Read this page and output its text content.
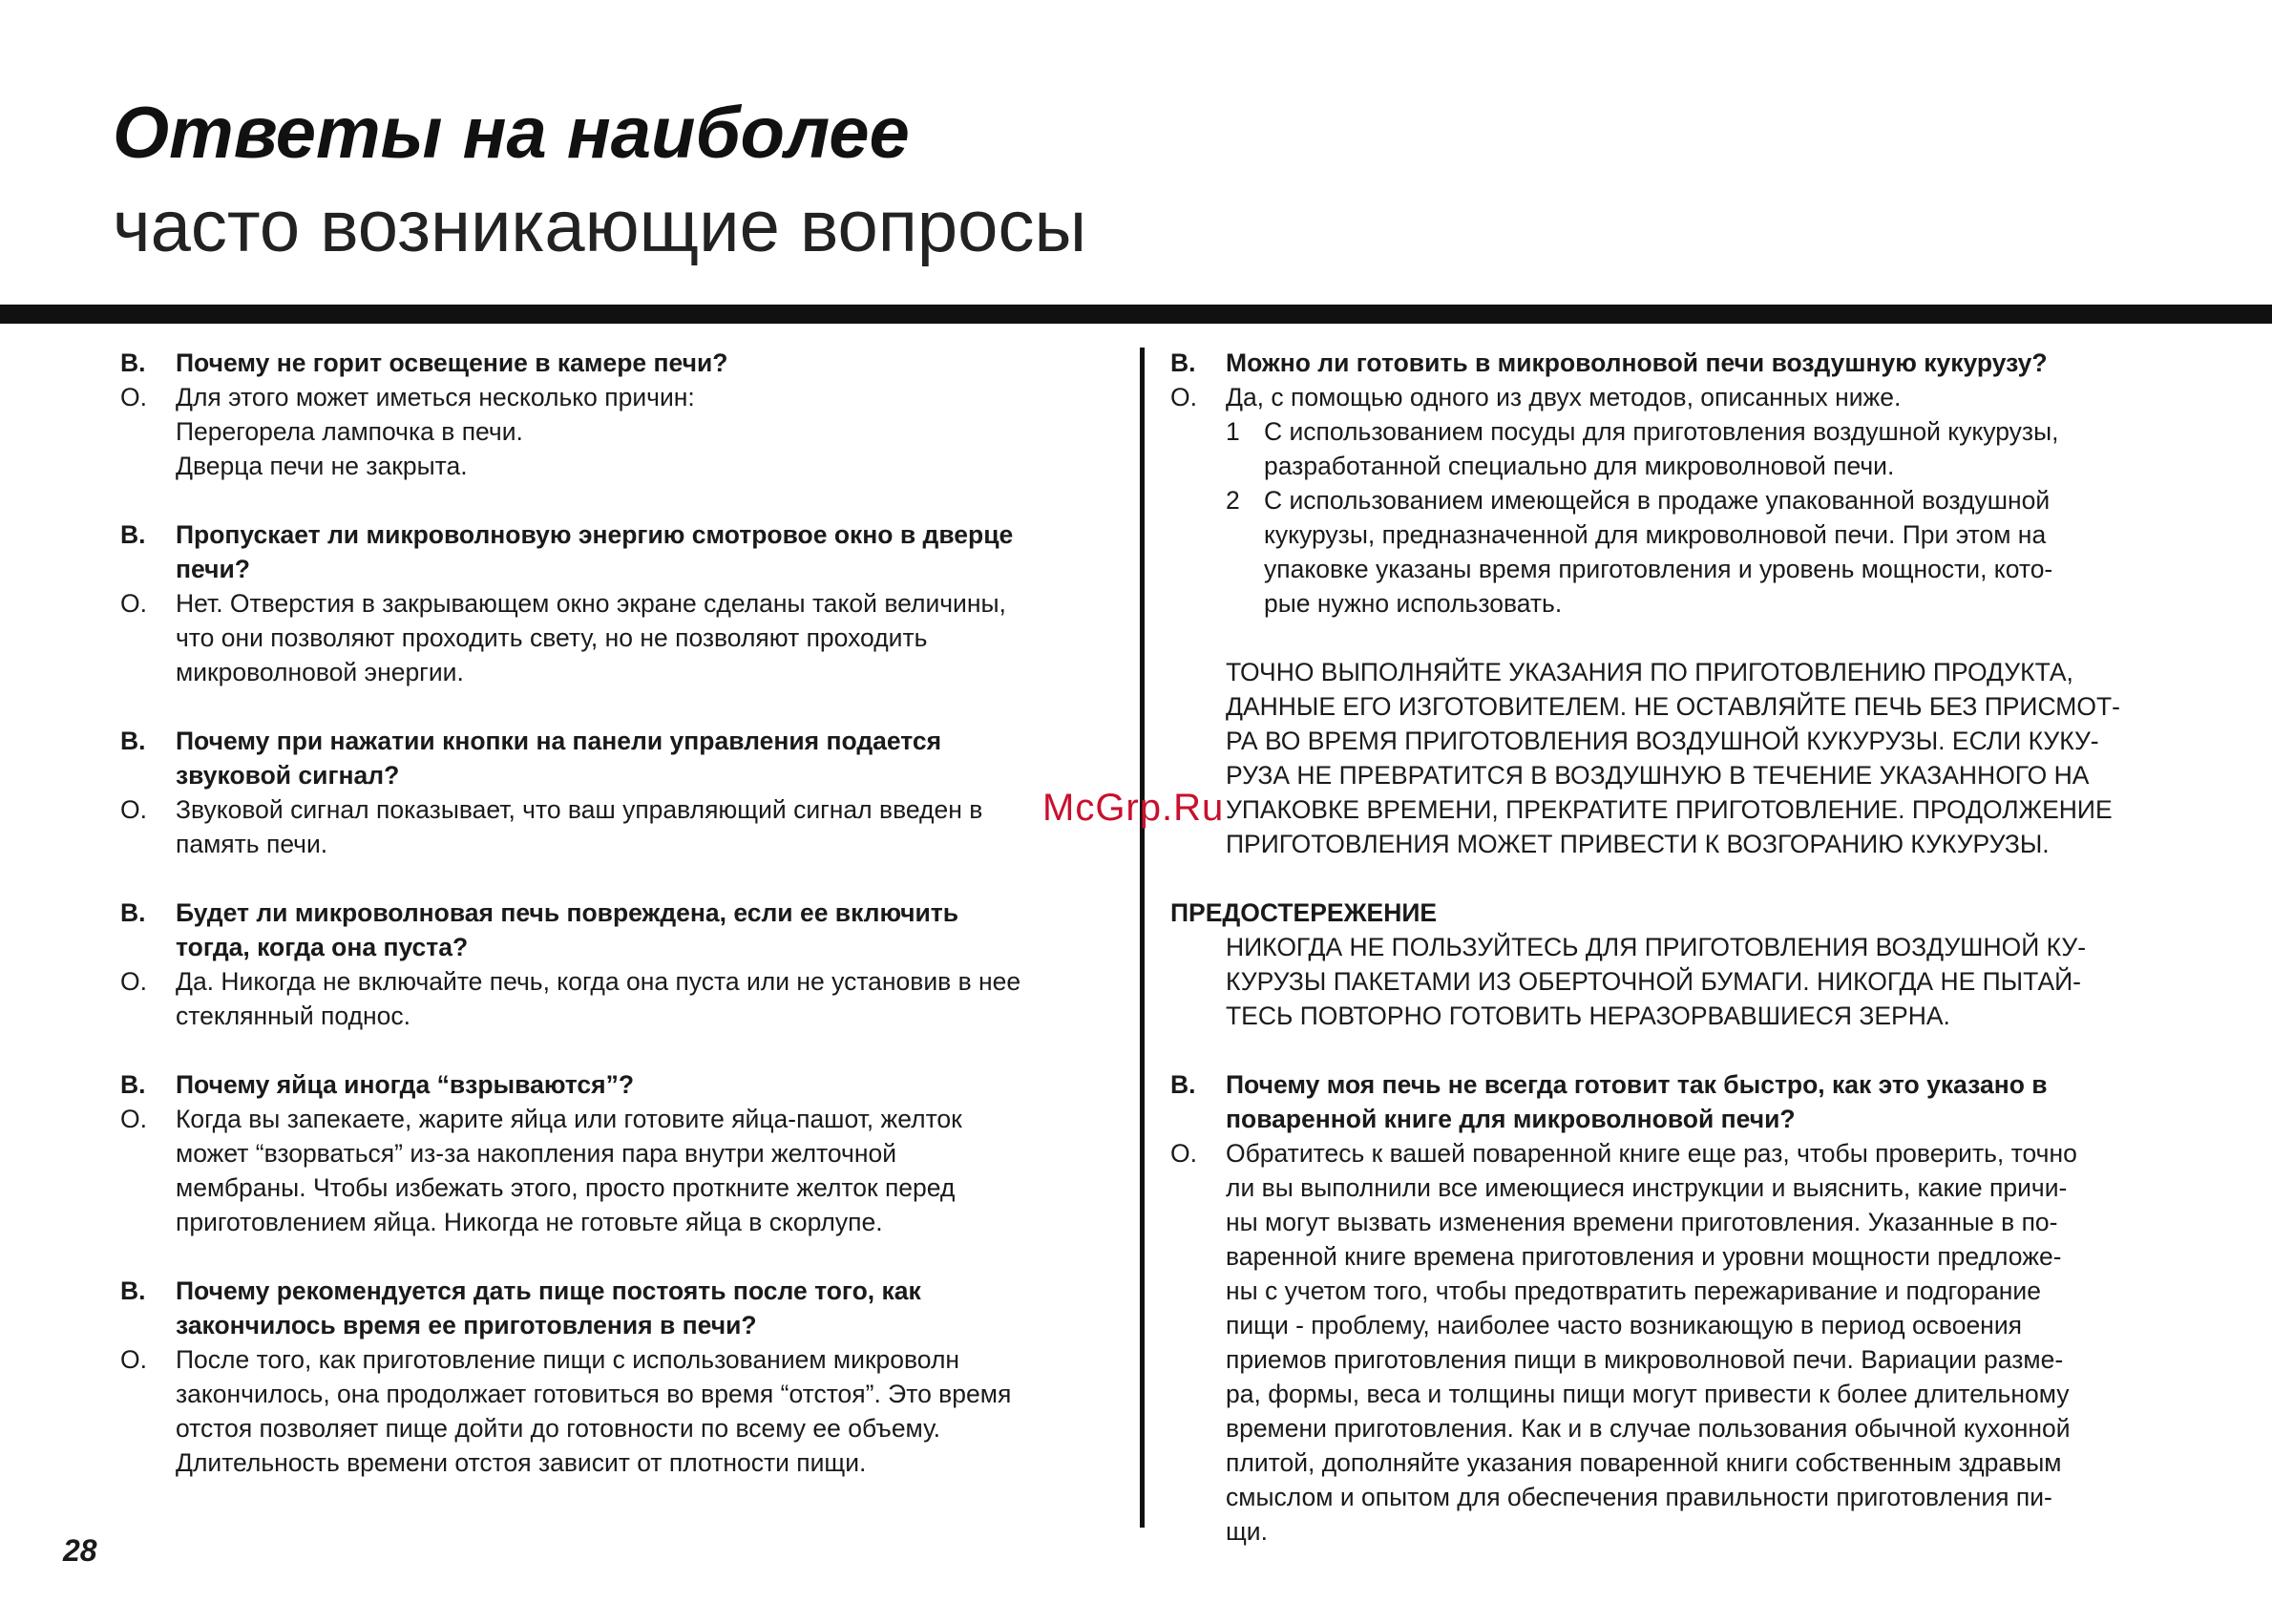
Ответы на наиболее
часто возникающие вопросы
В.	Почему не горит освещение в камере печи?
О.	Для этого может иметься несколько причин:
Перегорела лампочка в печи.
Дверца печи не закрыта.
В.	Пропускает ли микроволновую энергию смотровое окно в дверце
печи?
О.	Нет. Отверстия в закрывающем окно экране сделаны такой величины,
что они позволяют проходить свету, но не позволяют проходить
микроволновой энергии.
В.	Почему при нажатии кнопки на панели управления подается
звуковой сигнал?
О.	Звуковой сигнал показывает, что ваш управляющий сигнал введен в
память печи.
В.	Будет ли микроволновая печь повреждена, если ее включить
тогда, когда она пуста?
О.	Да. Никогда не включайте печь, когда она пуста или не установив в нее
стеклянный поднос.
В.	Почему яйца иногда “взрываются”?
О.	Когда вы запекаете, жарите яйца или готовите яйца-пашот, желток
может “взорваться” из-за накопления пара внутри желточной
мембраны. Чтобы избежать этого, просто проткните желток перед
приготовлением яйца. Никогда не готовьте яйца в скорлупе.
В.	Почему рекомендуется дать пище постоять после того, как
закончилось время ее приготовления в печи?
О.	После того, как приготовление пищи с использованием микроволн
закончилось, она продолжает готовиться во время “отстоя”. Это время
отстоя позволяет пище дойти до готовности по всему ее объему.
Длительность времени отстоя зависит от плотности пищи.
В.	Можно ли готовить в микроволновой печи воздушную кукурузу?
О.	Да, с помощью одного из двух методов, описанных ниже.
1 С использованием посуды для приготовления воздушной кукурузы,
разработанной специально для микроволновой печи.
2 С использованием имеющейся в продаже упакованной воздушной
кукурузы, предназначенной для микроволновой печи. При этом на
упаковке указаны время приготовления и уровень мощности, кото-
рые нужно использовать.
ТОЧНО ВЫПОЛНЯЙТЕ УКАЗАНИЯ ПО ПРИГОТОВЛЕНИЮ ПРОДУКТА,
ДАННЫЕ ЕГО ИЗГОТОВИТЕЛЕМ. НЕ ОСТАВЛЯЙТЕ ПЕЧЬ БЕЗ ПРИСМОТ-
РА ВО ВРЕМЯ ПРИГОТОВЛЕНИЯ ВОЗДУШНОЙ КУКУРУЗЫ. ЕСЛИ КУКУ-
РУЗА НЕ ПРЕВРАТИТСЯ В ВОЗДУШНУЮ В ТЕЧЕНИЕ УКАЗАННОГО НА
УПАКОВКЕ ВРЕМЕНИ, ПРЕКРАТИТЕ ПРИГОТОВЛЕНИЕ. ПРОДОЛЖЕНИЕ
ПРИГОТОВЛЕНИЯ МОЖЕТ ПРИВЕСТИ К ВОЗГОРАНИЮ КУКУРУЗЫ.
ПРЕДОСТЕРЕЖЕНИЕ
НИКОГДА НЕ ПОЛЬЗУЙТЕСЬ ДЛЯ ПРИГОТОВЛЕНИЯ ВОЗДУШНОЙ КУ-
КУРУЗЫ ПАКЕТАМИ ИЗ ОБЕРТОЧНОЙ БУМАГИ. НИКОГДА НЕ ПЫТАЙ-
ТЕСЬ ПОВТОРНО ГОТОВИТЬ НЕРАЗОРВАВШИЕСЯ ЗЕРНА.
В.	Почему моя печь не всегда готовит так быстро, как это указано в
поваренной книге для микроволновой печи?
О.	Обратитесь к вашей поваренной книге еще раз, чтобы проверить, точно
ли вы выполнили все имеющиеся инструкции и выяснить, какие причи-
ны могут вызвать изменения времени приготовления. Указанные в по-
варенной книге времена приготовления и уровни мощности предложе-
ны с учетом того, чтобы предотвратить пережаривание и подгорание
пищи - проблему, наиболее часто возникающую в период освоения
приемов приготовления пищи в микроволновой печи. Вариации разме-
ра, формы, веса и толщины пищи могут привести к более длительному
времени приготовления. Как и в случае пользования обычной кухонной
плитой, дополняйте указания поваренной книги собственным здравым
смыслом и опытом для обеспечения правильности приготовления пи-
щи.
28
McGrp.Ru
